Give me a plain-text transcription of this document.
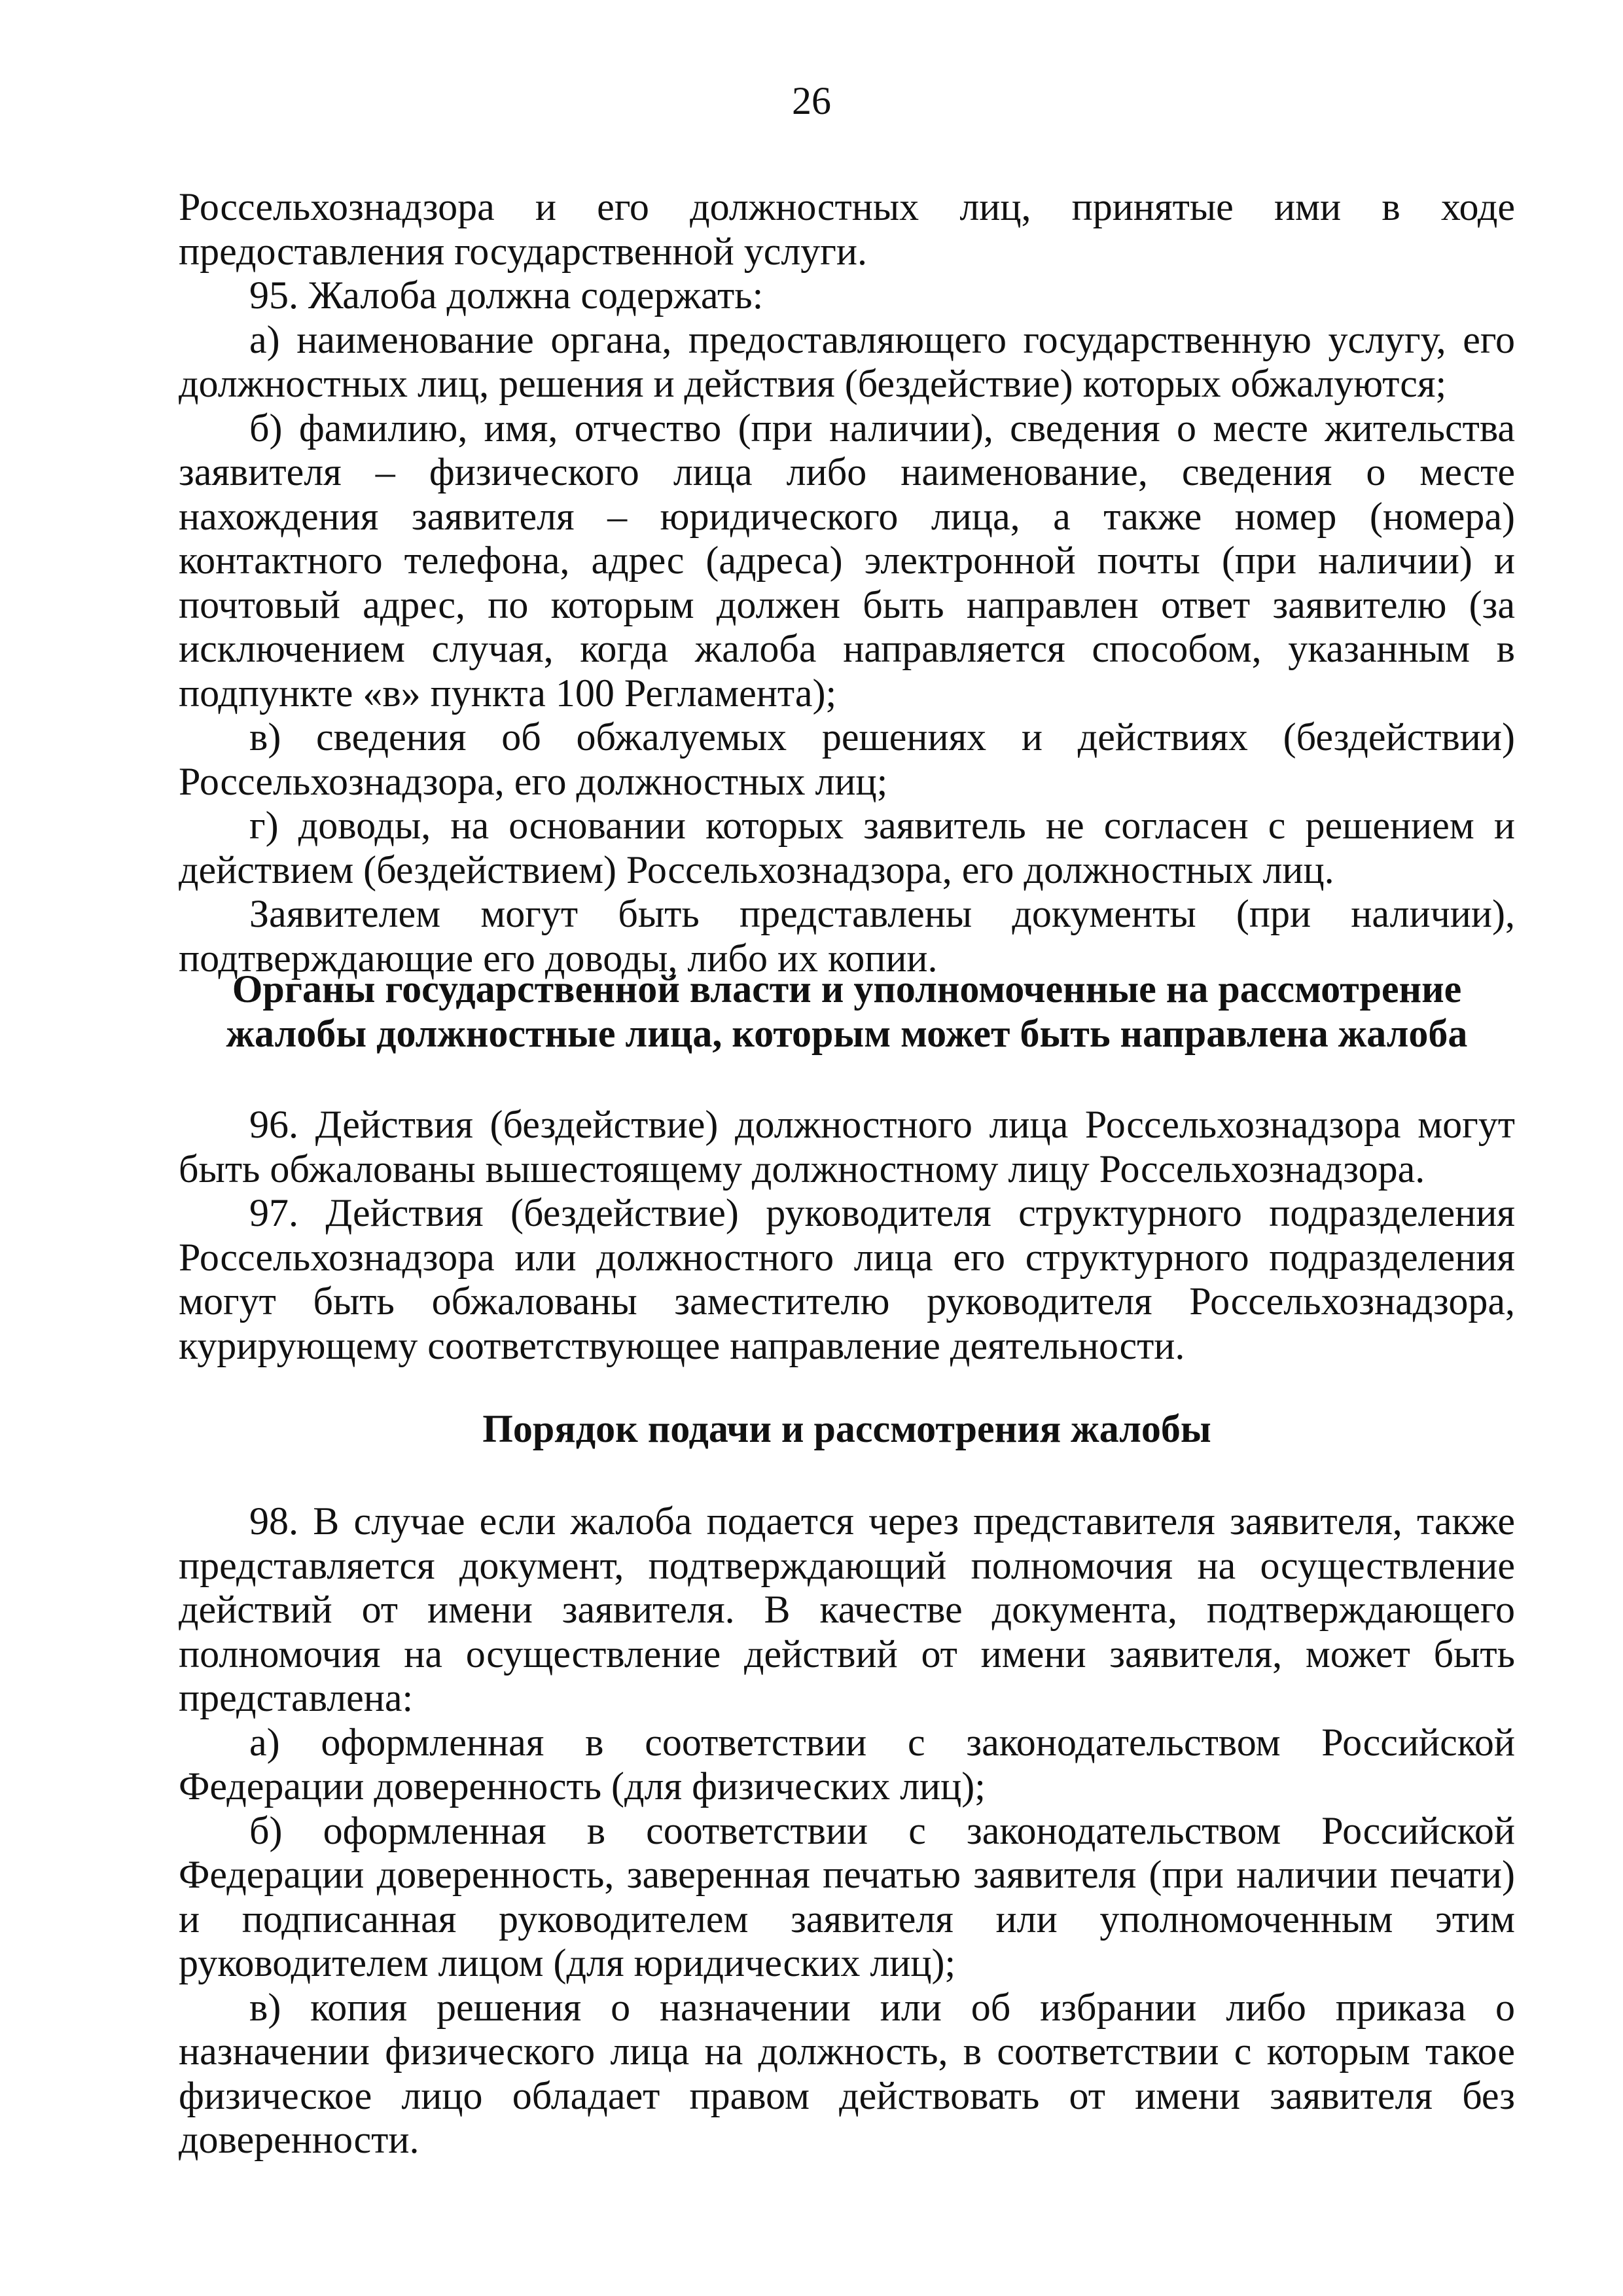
26

Россельхознадзора и его должностных лиц, принятые ими в ходе предоставления государственной услуги.

95. Жалоба должна содержать:

а) наименование органа, предоставляющего государственную услугу, его должностных лиц, решения и действия (бездействие) которых обжалуются;

б) фамилию, имя, отчество (при наличии), сведения о месте жительства заявителя – физического лица либо наименование, сведения о месте нахождения заявителя – юридического лица, а также номер (номера) контактного телефона, адрес (адреса) электронной почты (при наличии) и почтовый адрес, по которым должен быть направлен ответ заявителю (за исключением случая, когда жалоба направляется способом, указанным в подпункте «в» пункта 100 Регламента);

в) сведения об обжалуемых решениях и действиях (бездействии) Россельхознадзора, его должностных лиц;

г) доводы, на основании которых заявитель не согласен с решением и действием (бездействием) Россельхознадзора, его должностных лиц.

Заявителем могут быть представлены документы (при наличии), подтверждающие его доводы, либо их копии.

Органы государственной власти и уполномоченные на рассмотрение
жалобы должностные лица, которым может быть направлена жалоба

96. Действия (бездействие) должностного лица Россельхознадзора могут быть обжалованы вышестоящему должностному лицу Россельхознадзора.

97. Действия (бездействие) руководителя структурного подразделения Россельхознадзора или должностного лица его структурного подразделения могут быть обжалованы заместителю руководителя Россельхознадзора, курирующему соответствующее направление деятельности.

Порядок подачи и рассмотрения жалобы

98. В случае если жалоба подается через представителя заявителя, также представляется документ, подтверждающий полномочия на осуществление действий от имени заявителя. В качестве документа, подтверждающего полномочия на осуществление действий от имени заявителя, может быть представлена:

а) оформленная в соответствии с законодательством Российской Федерации доверенность (для физических лиц);

б) оформленная в соответствии с законодательством Российской Федерации доверенность, заверенная печатью заявителя (при наличии печати) и подписанная руководителем заявителя или уполномоченным этим руководителем лицом (для юридических лиц);

в) копия решения о назначении или об избрании либо приказа о назначении физического лица на должность, в соответствии с которым такое физическое лицо обладает правом действовать от имени заявителя без доверенности.
